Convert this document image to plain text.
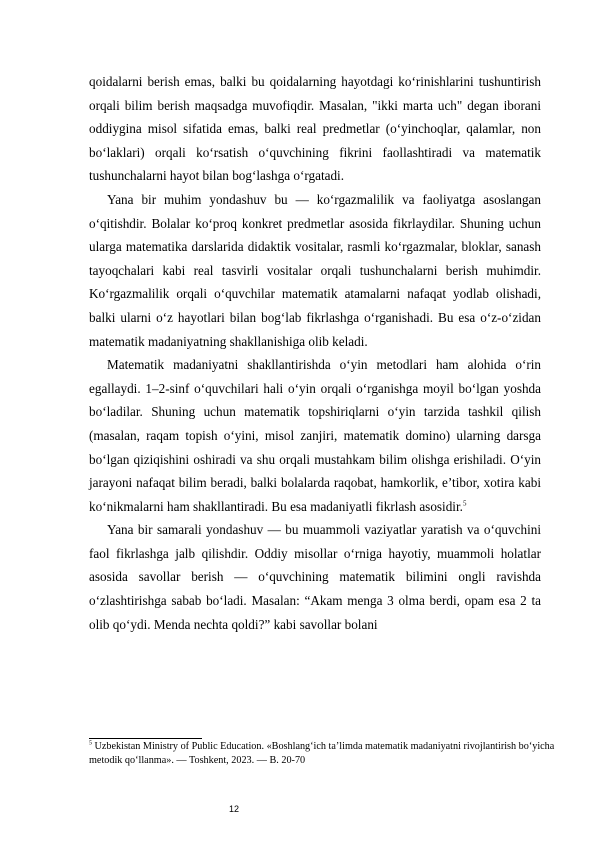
qoidalarni berish emas, balki bu qoidalarning hayotdagi ko‘rinishlarini tushuntirish orqali bilim berish maqsadga muvofiqdir. Masalan, "ikki marta uch" degan iborani oddiygina misol sifatida emas, balki real predmetlar (o‘yinchoqlar, qalamlar, non bo‘laklari) orqali ko‘rsatish o‘quvchining fikrini faollashtiradi va matematik tushunchalarni hayot bilan bog‘lashga o‘rgatadi.

Yana bir muhim yondashuv bu — ko‘rgazmalilik va faoliyatga asoslangan o‘qitishdir. Bolalar ko‘proq konkret predmetlar asosida fikrlaydilar. Shuning uchun ularga matematika darslarida didaktik vositalar, rasmli ko‘rgazmalar, bloklar, sanash tayoqchalari kabi real tasvirli vositalar orqali tushunchalarni berish muhimdir. Ko‘rgazmalilik orqali o‘quvchilar matematik atamalarni nafaqat yodlab olishadi, balki ularni o‘z hayotlari bilan bog‘lab fikrlashga o‘rganishadi. Bu esa o‘z-o‘zidan matematik madaniyatning shakllanishiga olib keladi.

Matematik madaniyatni shakllantirishda o‘yin metodlari ham alohida o‘rin egallaydi. 1–2-sinf o‘quvchilari hali o‘yin orqali o‘rganishga moyil bo‘lgan yoshda bo‘ladilar. Shuning uchun matematik topshiriqlarni o‘yin tarzida tashkil qilish (masalan, raqam topish o‘yini, misol zanjiri, matematik domino) ularning darsga bo‘lgan qiziqishini oshiradi va shu orqali mustahkam bilim olishga erishiladi. O‘yin jarayoni nafaqat bilim beradi, balki bolalarda raqobat, hamkorlik, e’tibor, xotira kabi ko‘nikmalarni ham shakllantiradi. Bu esa madaniyatli fikrlash asosidir.$^5$

Yana bir samarali yondashuv — bu muammoli vaziyatlar yaratish va o‘quvchini faol fikrlashga jalb qilishdir. Oddiy misollar o‘rniga hayotiy, muammoli holatlar asosida savollar berish — o‘quvchining matematik bilimini ongli ravishda o‘zlashtirishga sabab bo‘ladi. Masalan: “Akam menga 3 olma berdi, opam esa 2 ta olib qo‘ydi. Menda nechta qoldi?” kabi savollar bolani

$^5$ Uzbekistan Ministry of Public Education. «Boshlang‘ich ta’limda matematik madaniyatni rivojlantirish bo‘yicha metodik qo‘llanma». — Toshkent, 2023. — B. 20-70
12
